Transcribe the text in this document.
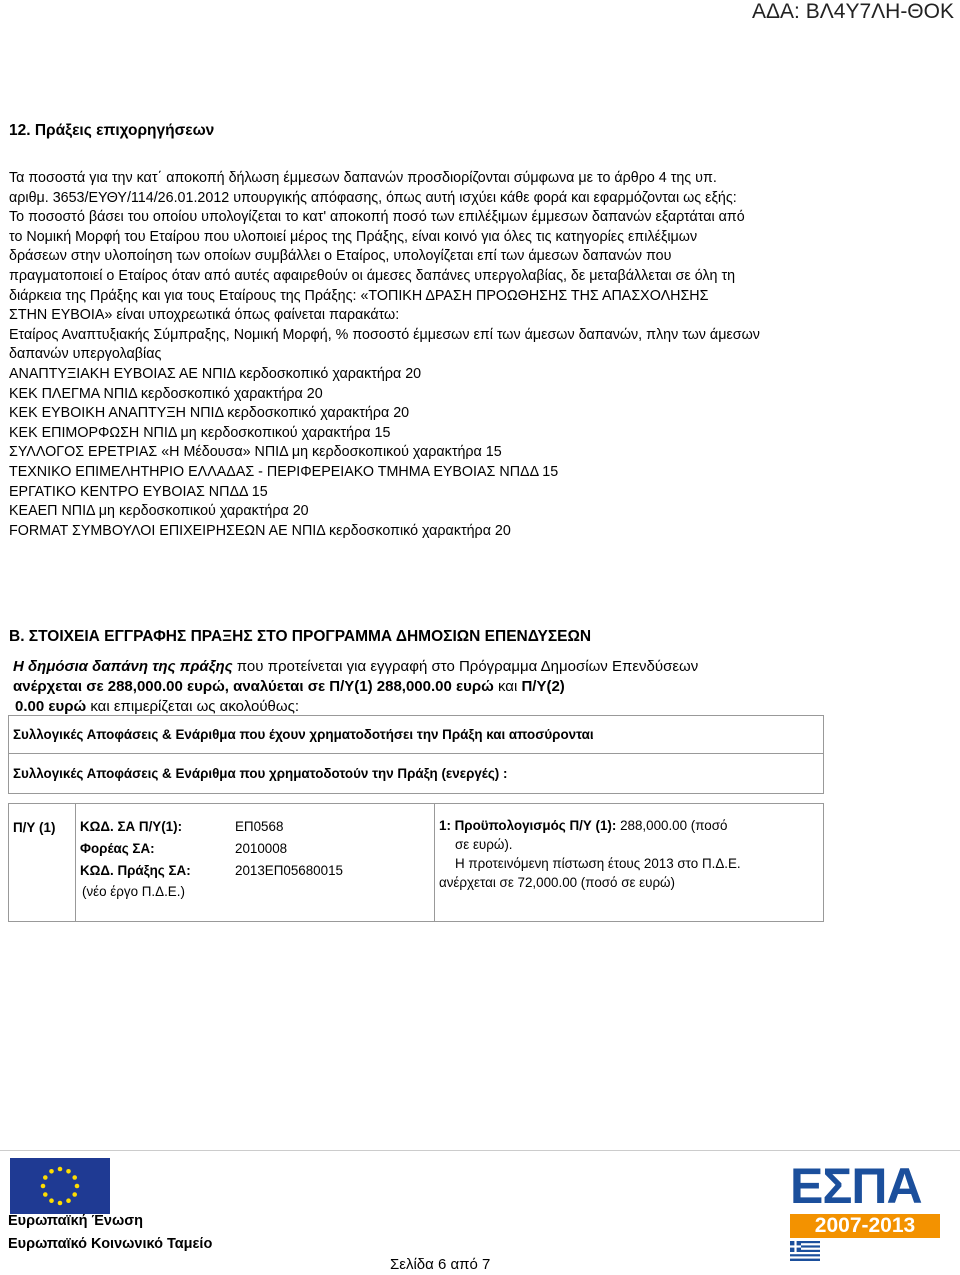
ΑΔΑ: ΒΛ4Υ7ΛΗ-ΘΟΚ
12. Πράξεις επιχορηγήσεων
Τα ποσοστά για την κατ΄ αποκοπή δήλωση έμμεσων δαπανών προσδιορίζονται σύμφωνα με το άρθρο 4 της υπ.
αριθμ. 3653/ΕΥΘΥ/114/26.01.2012 υπουργικής απόφασης, όπως αυτή ισχύει κάθε φορά και εφαρμόζονται ως εξής:
Το ποσοστό βάσει του οποίου υπολογίζεται το κατ' αποκοπή ποσό των επιλέξιμων έμμεσων δαπανών εξαρτάται από
το Νομική Μορφή του Εταίρου που υλοποιεί μέρος της Πράξης, είναι κοινό για όλες τις κατηγορίες επιλέξιμων
δράσεων στην υλοποίηση των οποίων συμβάλλει ο Εταίρος, υπολογίζεται επί των άμεσων δαπανών που
πραγματοποιεί ο Εταίρος όταν από αυτές αφαιρεθούν οι άμεσες δαπάνες υπεργολαβίας, δε μεταβάλλεται σε όλη τη
διάρκεια της Πράξης και για τους Εταίρους της Πράξης: «ΤΟΠΙΚΗ ΔΡΑΣΗ ΠΡΟΩΘΗΣΗΣ ΤΗΣ ΑΠΑΣΧΟΛΗΣΗΣ
ΣΤΗΝ ΕΥΒΟΙΑ» είναι υποχρεωτικά όπως φαίνεται παρακάτω:
Εταίρος Αναπτυξιακής Σύμπραξης, Νομική Μορφή, % ποσοστό έμμεσων επί των άμεσων δαπανών, πλην των άμεσων
δαπανών υπεργολαβίας
ΑΝΑΠΤΥΞΙΑΚΗ ΕΥΒΟΙΑΣ ΑΕ ΝΠΙΔ κερδοσκοπικό χαρακτήρα 20
ΚΕΚ ΠΛΕΓΜΑ ΝΠΙΔ κερδοσκοπικό χαρακτήρα 20
ΚΕΚ ΕΥΒΟΙΚΗ ΑΝΑΠΤΥΞΗ ΝΠΙΔ κερδοσκοπικό χαρακτήρα 20
ΚΕΚ ΕΠΙΜΟΡΦΩΣΗ ΝΠΙΔ μη κερδοσκοπικού χαρακτήρα 15
ΣΥΛΛΟΓΟΣ ΕΡΕΤΡΙΑΣ «Η Μέδουσα» ΝΠΙΔ μη κερδοσκοπικού χαρακτήρα 15
ΤΕΧΝΙΚΟ ΕΠΙΜΕΛΗΤΗΡΙΟ ΕΛΛΑΔΑΣ - ΠΕΡΙΦΕΡΕΙΑΚΟ ΤΜΗΜΑ ΕΥΒΟΙΑΣ ΝΠΔΔ 15
ΕΡΓΑΤΙΚΟ ΚΕΝΤΡΟ ΕΥΒΟΙΑΣ ΝΠΔΔ 15
ΚΕΑΕΠ ΝΠΙΔ μη κερδοσκοπικού χαρακτήρα 20
FORMAT ΣΥΜΒΟΥΛΟΙ ΕΠΙΧΕΙΡΗΣΕΩΝ ΑΕ ΝΠΙΔ κερδοσκοπικό χαρακτήρα 20
Β. ΣΤΟΙΧΕΙΑ ΕΓΓΡΑΦΗΣ ΠΡΑΞΗΣ ΣΤΟ ΠΡΟΓΡΑΜΜΑ ΔΗΜΟΣΙΩΝ ΕΠΕΝΔΥΣΕΩΝ
Η δημόσια δαπάνη της πράξης που προτείνεται για εγγραφή στο Πρόγραμμα Δημοσίων Επενδύσεων
ανέρχεται σε 288,000.00 ευρώ, αναλύεται σε Π/Υ(1) 288,000.00 ευρώ και Π/Υ(2)
0.00 ευρώ και επιμερίζεται ως ακολούθως:
Συλλογικές Αποφάσεις & Ενάριθμα που έχουν χρηματοδοτήσει την Πράξη και αποσύρονται
Συλλογικές Αποφάσεις & Ενάριθμα που χρηματοδοτούν την Πράξη (ενεργές) :
Π/Υ (1)	ΚΩΔ. ΣΑ Π/Υ(1):	ΕΠ0568
Φορέας ΣΑ:	2010008
ΚΩΔ. Πράξης ΣΑ:	2013ΕΠ05680015
(νέο έργο Π.Δ.Ε.)

1: Προϋπολογισμός Π/Υ (1): 288,000.00 (ποσό
σε ευρώ).
Η προτεινόμενη πίστωση έτους 2013 στο Π.Δ.Ε.
ανέρχεται σε 72,000.00 (ποσό σε ευρώ)
Ευρωπαϊκή Ένωση
Ευρωπαϊκό Κοινωνικό Ταμείο
Σελίδα 6 από 7
ΕΣΠΑ
2007-2013
